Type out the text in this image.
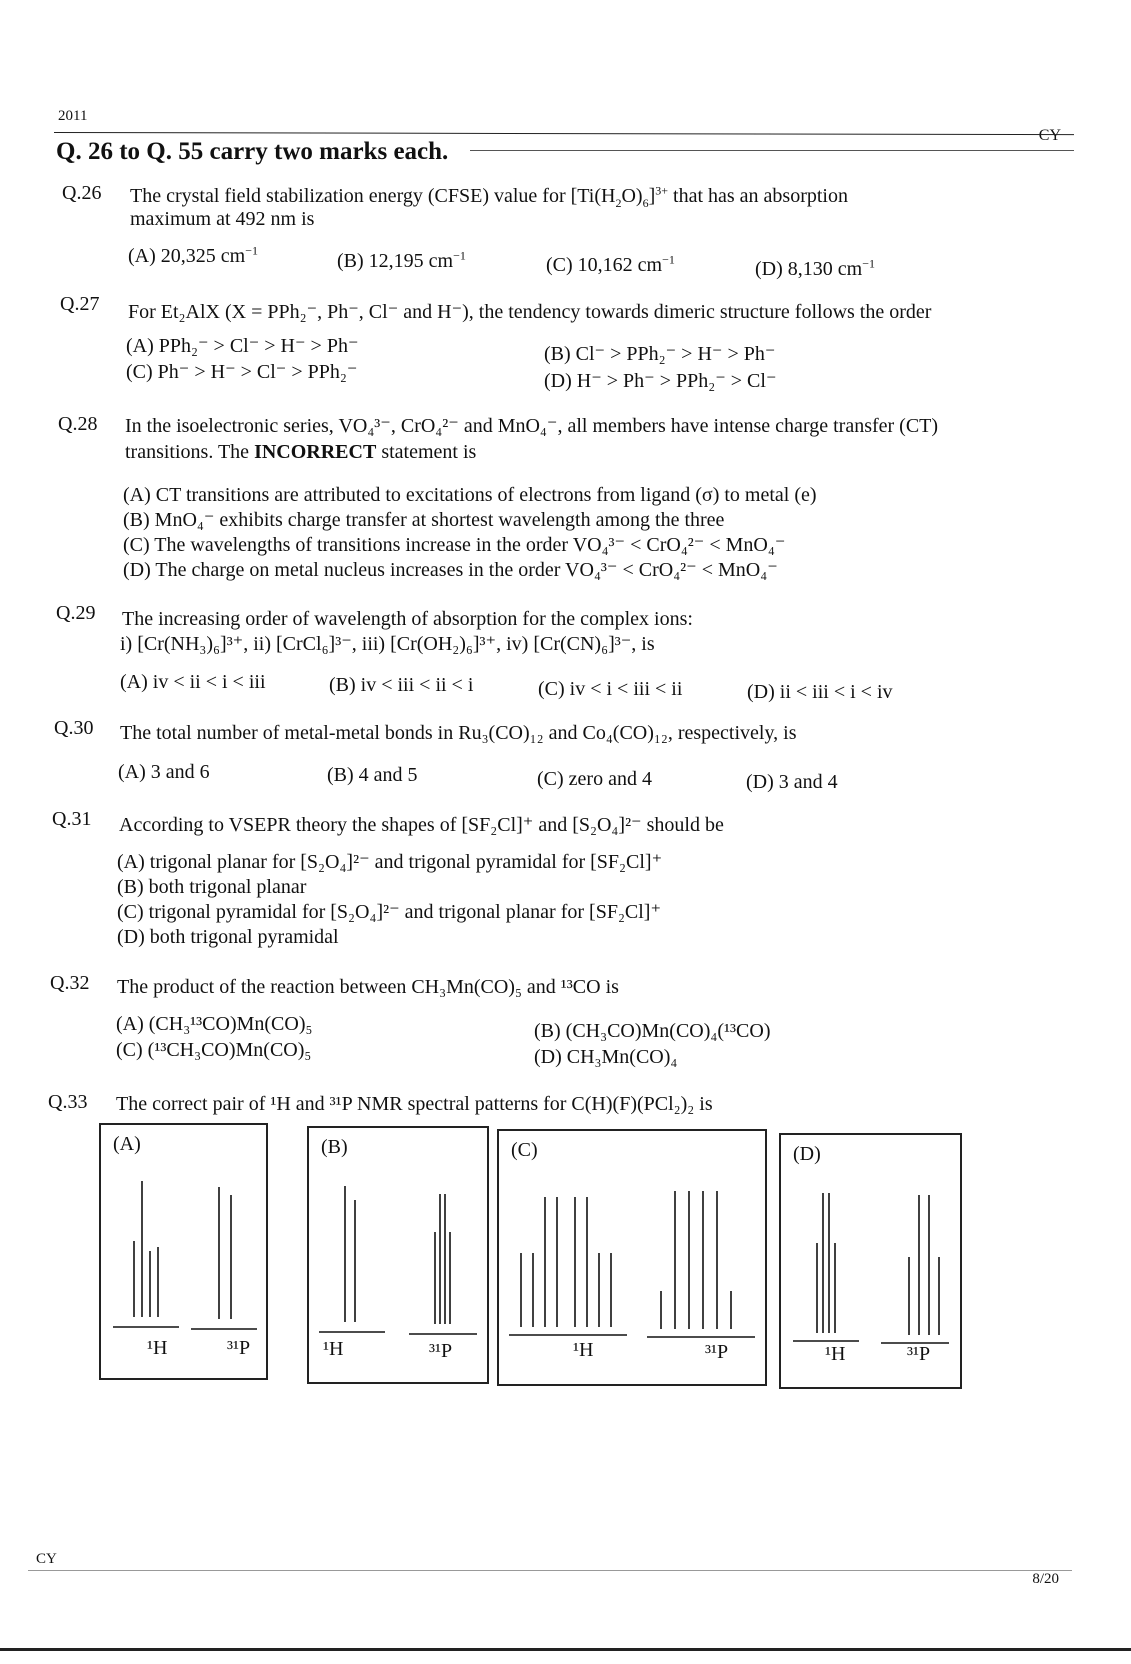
2011
CY
Q. 26 to Q. 55 carry two marks each.
Q.26 The crystal field stabilization energy (CFSE) value for $[Ti(H_2O)_6]^{3+}$ that has an absorption
maximum at 492 nm is
(A) 20,325 $cm^{-1}$	(B) 12,195 $cm^{-1}$	(C) 10,162 $cm^{-1}$	(D) 8,130 $cm^{-1}$
Q.27 For Et₂AlX (X = PPh₂⁻, Ph⁻, Cl⁻ and H⁻), the tendency towards dimeric structure follows the order
(A) PPh₂⁻ > Cl⁻ > H⁻ > Ph⁻	(B) Cl⁻ > PPh₂⁻ > H⁻ > Ph⁻
(C) Ph⁻ > H⁻ > Cl⁻ > PPh₂⁻	(D) H⁻ > Ph⁻ > PPh₂⁻ > Cl⁻
Q.28 In the isoelectronic series, VO₄³⁻, CrO₄²⁻ and MnO₄⁻, all members have intense charge transfer (CT)
transitions. The INCORRECT statement is
(A) CT transitions are attributed to excitations of electrons from ligand (σ) to metal (e)
(B) MnO₄⁻ exhibits charge transfer at shortest wavelength among the three
(C) The wavelengths of transitions increase in the order VO₄³⁻ < CrO₄²⁻ < MnO₄⁻
(D) The charge on metal nucleus increases in the order VO₄³⁻ < CrO₄²⁻ < MnO₄⁻
Q.29 The increasing order of wavelength of absorption for the complex ions:
i) [Cr(NH₃)₆]³⁺, ii) [CrCl₆]³⁻, iii) [Cr(OH₂)₆]³⁺, iv) [Cr(CN)₆]³⁻, is
(A) iv < ii < i < iii	(B) iv < iii < ii < i	(C) iv < i < iii < ii	(D) ii < iii < i < iv
Q.30 The total number of metal-metal bonds in Ru₃(CO)₁₂ and Co₄(CO)₁₂, respectively, is
(A) 3 and 6	(B) 4 and 5	(C) zero and 4	(D) 3 and 4
Q.31 According to VSEPR theory the shapes of [SF₂Cl]⁺ and [S₂O₄]²⁻ should be
(A) trigonal planar for [S₂O₄]²⁻ and trigonal pyramidal for [SF₂Cl]⁺
(B) both trigonal planar
(C) trigonal pyramidal for [S₂O₄]²⁻ and trigonal planar for [SF₂Cl]⁺
(D) both trigonal pyramidal
Q.32 The product of the reaction between CH₃Mn(CO)₅ and ¹³CO is
(A) (CH₃¹³CO)Mn(CO)₅	(B) (CH₃CO)Mn(CO)₄(¹³CO)
(C) (¹³CH₃CO)Mn(CO)₅	(D) CH₃Mn(CO)₄
Q.33 The correct pair of ¹H and ³¹P NMR spectral patterns for C(H)(F)(PCl₂)₂ is
(A)
¹H	³¹P
(B)
¹H	³¹P
(C)
¹H	³¹P
(D)
¹H	³¹P
CY
8/20
